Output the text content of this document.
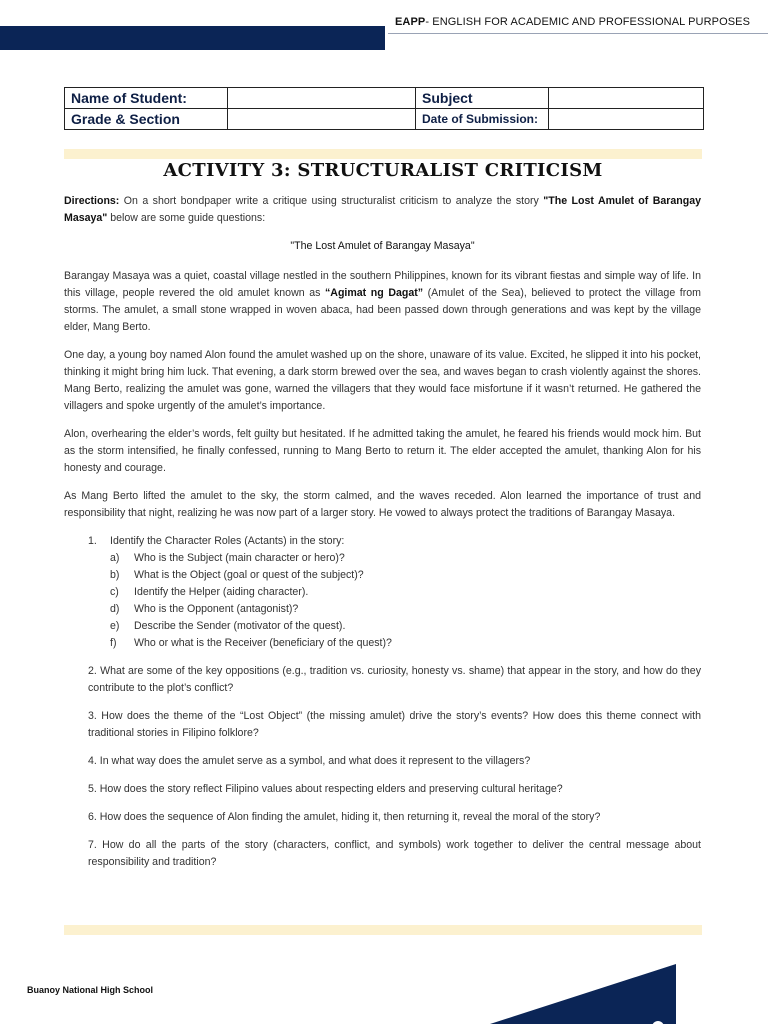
EAPP- ENGLISH FOR ACADEMIC AND PROFESSIONAL PURPOSES
Name of Student:		Subject	
Grade & Section		Date of Submission:	
ACTIVITY 3: STRUCTURALIST CRITICISM

Directions: On a short bondpaper write a critique using structuralist criticism to analyze the story "The Lost Amulet of Barangay Masaya" below are some guide questions:

"The Lost Amulet of Barangay Masaya"

Barangay Masaya was a quiet, coastal village nestled in the southern Philippines, known for its vibrant fiestas and simple way of life. In this village, people revered the old amulet known as “Agimat ng Dagat” (Amulet of the Sea), believed to protect the village from storms. The amulet, a small stone wrapped in woven abaca, had been passed down through generations and was kept by the village elder, Mang Berto.

One day, a young boy named Alon found the amulet washed up on the shore, unaware of its value. Excited, he slipped it into his pocket, thinking it might bring him luck. That evening, a dark storm brewed over the sea, and waves began to crash violently against the shores. Mang Berto, realizing the amulet was gone, warned the villagers that they would face misfortune if it wasn’t returned. He gathered the villagers and spoke urgently of the amulet’s importance.

Alon, overhearing the elder’s words, felt guilty but hesitated. If he admitted taking the amulet, he feared his friends would mock him. But as the storm intensified, he finally confessed, running to Mang Berto to return it. The elder accepted the amulet, thanking Alon for his honesty and courage.

As Mang Berto lifted the amulet to the sky, the storm calmed, and the waves receded. Alon learned the importance of trust and responsibility that night, realizing he was now part of a larger story. He vowed to always protect the traditions of Barangay Masaya.

1. Identify the Character Roles (Actants) in the story:
a) Who is the Subject (main character or hero)?
b) What is the Object (goal or quest of the subject)?
c) Identify the Helper (aiding character).
d) Who is the Opponent (antagonist)?
e) Describe the Sender (motivator of the quest).
f) Who or what is the Receiver (beneficiary of the quest)?

2. What are some of the key oppositions (e.g., tradition vs. curiosity, honesty vs. shame) that appear in the story, and how do they contribute to the plot’s conflict?

3. How does the theme of the “Lost Object” (the missing amulet) drive the story’s events? How does this theme connect with traditional stories in Filipino folklore?

4. In what way does the amulet serve as a symbol, and what does it represent to the villagers?

5. How does the story reflect Filipino values about respecting elders and preserving cultural heritage?

6. How does the sequence of Alon finding the amulet, hiding it, then returning it, reveal the moral of the story?

7. How do all the parts of the story (characters, conflict, and symbols) work together to deliver the central message about responsibility and tradition?

Buanoy National High School
